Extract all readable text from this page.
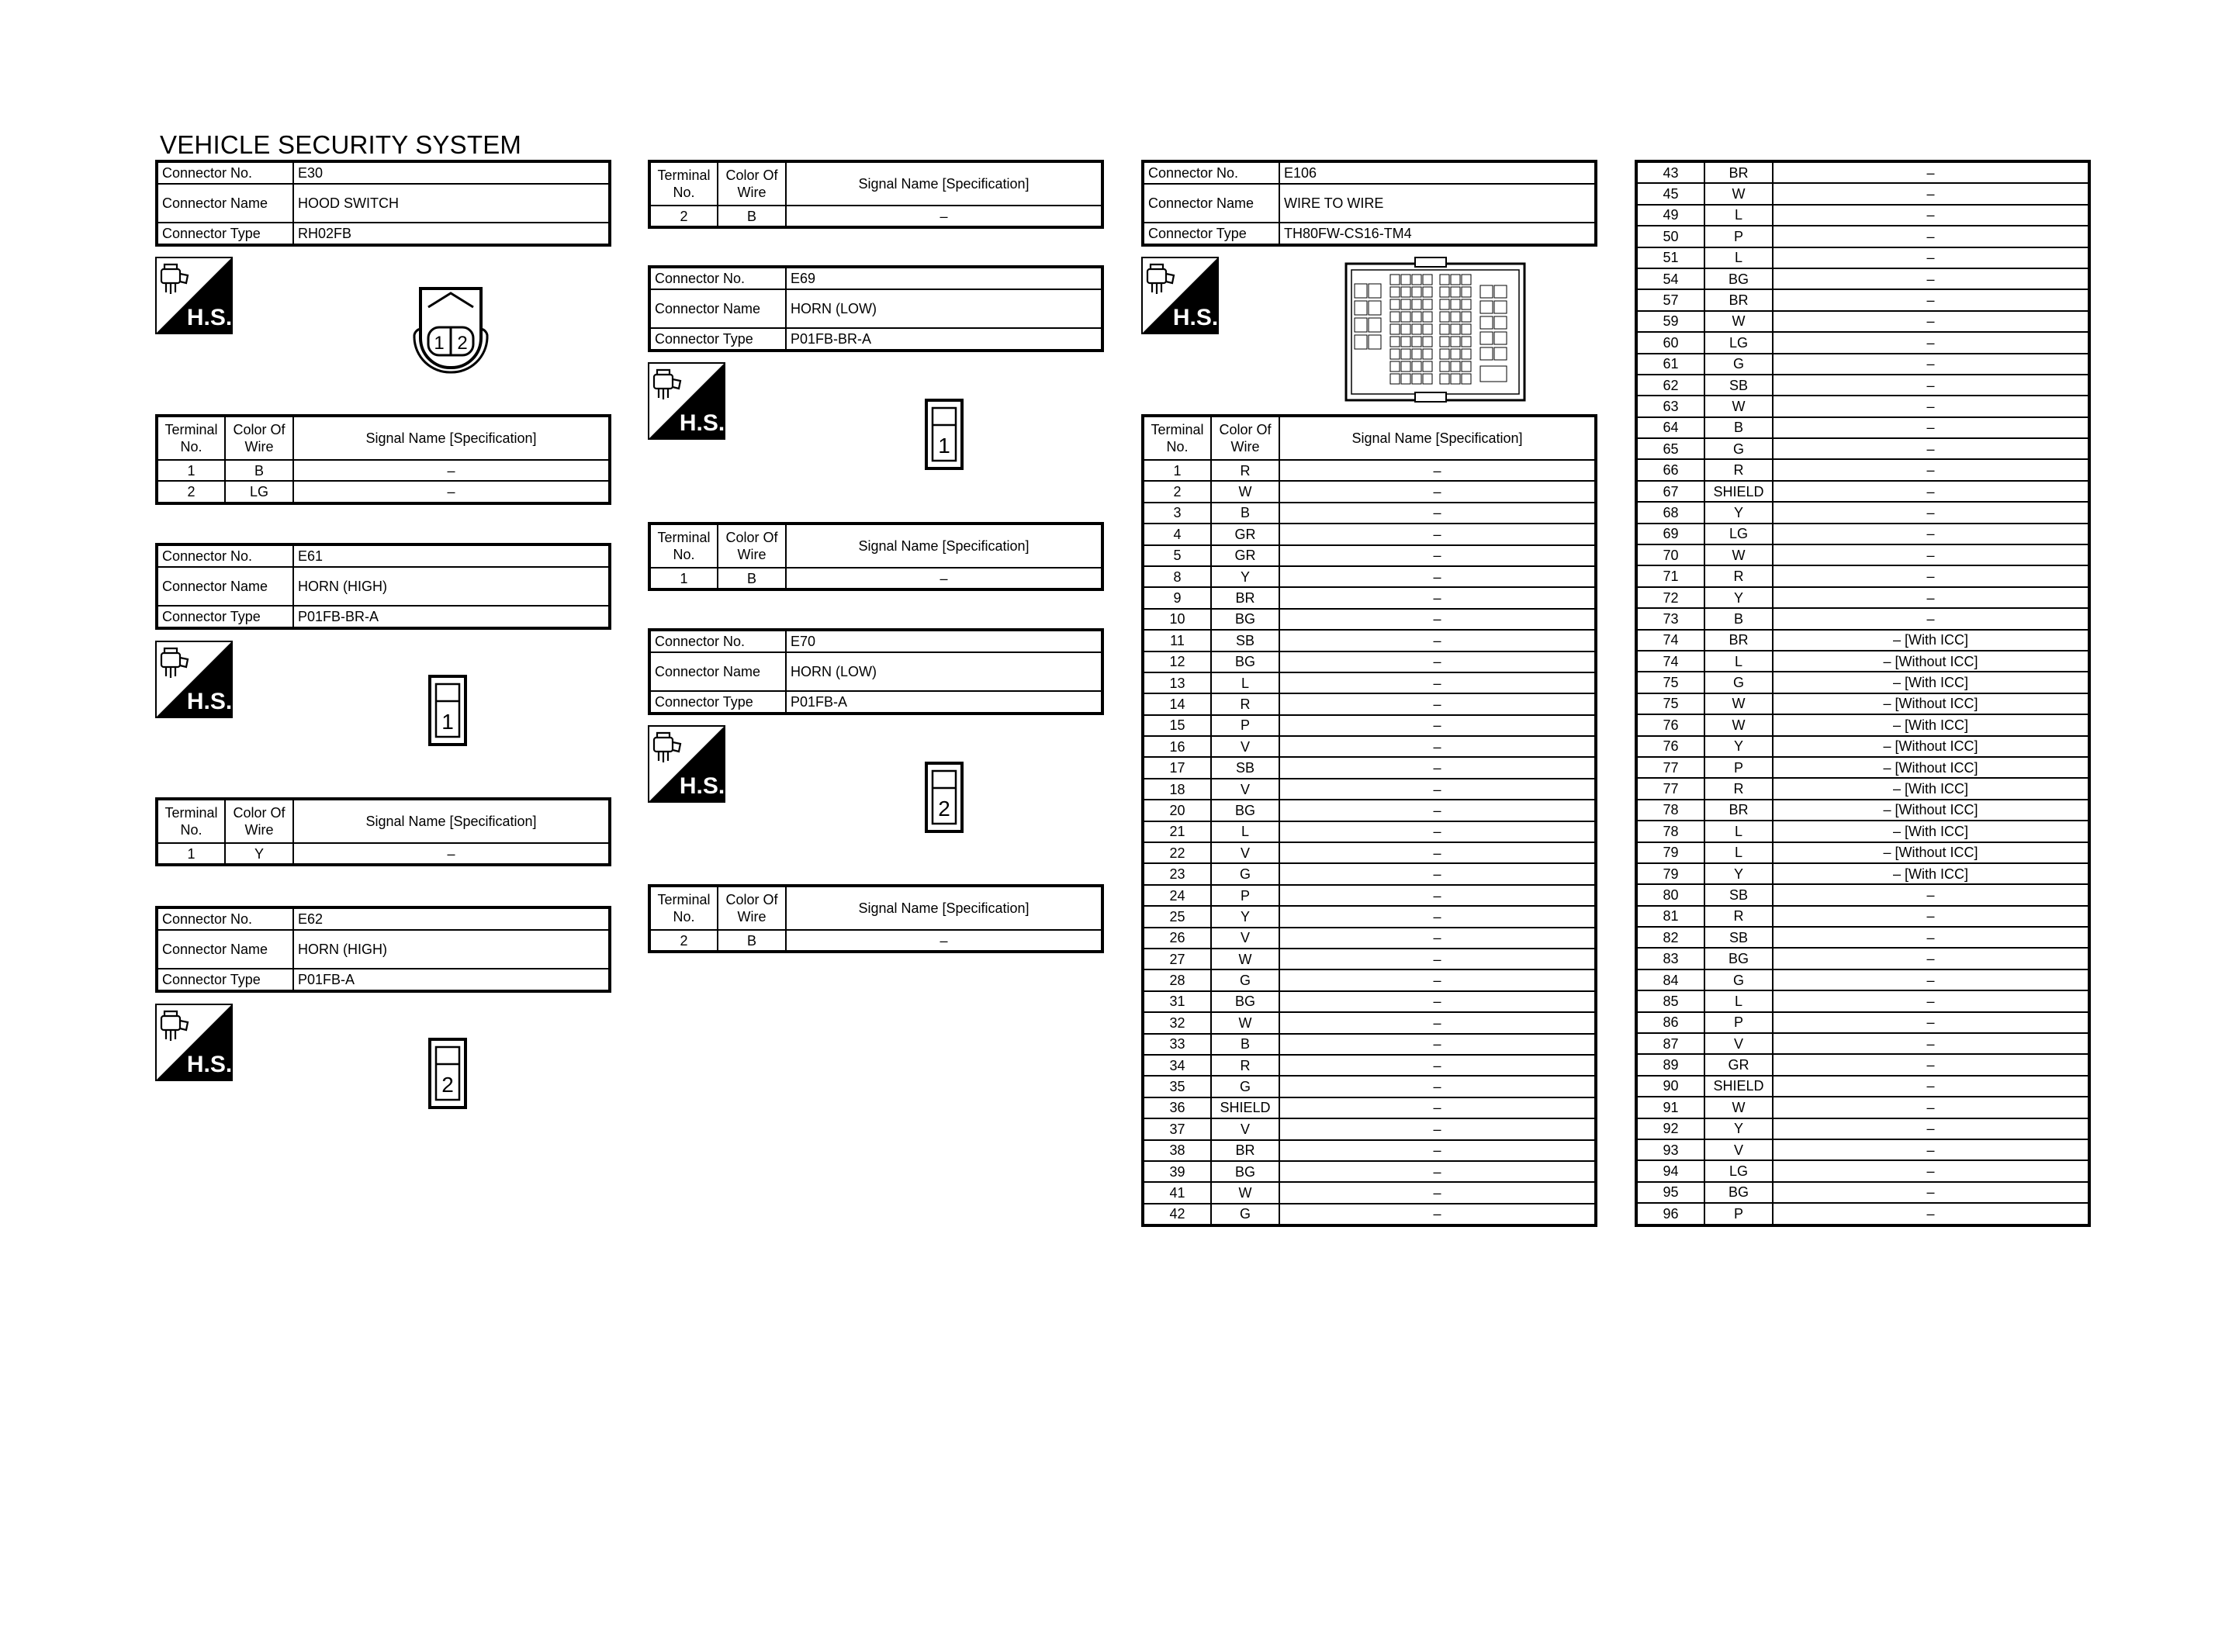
VEHICLE SECURITY SYSTEM
Connector No.	E30
Connector Name	HOOD SWITCH
Connector Type	RH02FB
H.S.
1 2
Terminal No.	Color Of Wire	Signal Name [Specification]
1	B	–
2	LG	–
Connector No.	E61
Connector Name	HORN (HIGH)
Connector Type	P01FB-BR-A
H.S.
1
Terminal No.	Color Of Wire	Signal Name [Specification]
1	Y	–
Connector No.	E62
Connector Name	HORN (HIGH)
Connector Type	P01FB-A
H.S.
2
Terminal No.	Color Of Wire	Signal Name [Specification]
2	B	–
Connector No.	E69
Connector Name	HORN (LOW)
Connector Type	P01FB-BR-A
H.S.
1
Terminal No.	Color Of Wire	Signal Name [Specification]
1	B	–
Connector No.	E70
Connector Name	HORN (LOW)
Connector Type	P01FB-A
H.S.
2
Terminal No.	Color Of Wire	Signal Name [Specification]
2	B	–
Connector No.	E106
Connector Name	WIRE TO WIRE
Connector Type	TH80FW-CS16-TM4
H.S.
Terminal No.	Color Of Wire	Signal Name [Specification]
1	R	–
2	W	–
3	B	–
4	GR	–
5	GR	–
8	Y	–
9	BR	–
10	BG	–
11	SB	–
12	BG	–
13	L	–
14	R	–
15	P	–
16	V	–
17	SB	–
18	V	–
20	BG	–
21	L	–
22	V	–
23	G	–
24	P	–
25	Y	–
26	V	–
27	W	–
28	G	–
31	BG	–
32	W	–
33	B	–
34	R	–
35	G	–
36	SHIELD	–
37	V	–
38	BR	–
39	BG	–
41	W	–
42	G	–
43	BR	–
45	W	–
49	L	–
50	P	–
51	L	–
54	BG	–
57	BR	–
59	W	–
60	LG	–
61	G	–
62	SB	–
63	W	–
64	B	–
65	G	–
66	R	–
67	SHIELD	–
68	Y	–
69	LG	–
70	W	–
71	R	–
72	Y	–
73	B	–
74	BR	– [With ICC]
74	L	– [Without ICC]
75	G	– [With ICC]
75	W	– [Without ICC]
76	W	– [With ICC]
76	Y	– [Without ICC]
77	P	– [Without ICC]
77	R	– [With ICC]
78	BR	– [Without ICC]
78	L	– [With ICC]
79	L	– [Without ICC]
79	Y	– [With ICC]
80	SB	–
81	R	–
82	SB	–
83	BG	–
84	G	–
85	L	–
86	P	–
87	V	–
89	GR	–
90	SHIELD	–
91	W	–
92	Y	–
93	V	–
94	LG	–
95	BG	–
96	P	–
